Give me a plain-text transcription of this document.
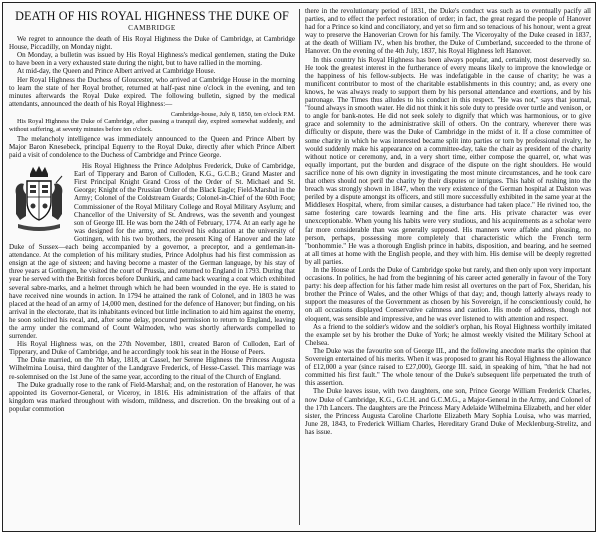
DEATH OF HIS ROYAL HIGHNESS THE DUKE OF
CAMBRIDGE

We regret to announce the death of His Royal Highness the Duke of Cambridge, at Cambridge House, Piccadilly, on Monday night.

On Monday, a bulletin was issued by His Royal Highness's medical gentlemen, stating the Duke to have been in a very exhausted state during the night, but to have rallied in the morning.

At mid-day, the Queen and Prince Albert arrived at Cambridge House.

Her Royal Highness the Duchess of Gloucester, who arrived at Cambridge House in the morning to learn the state of her Royal brother, returned at half-past nine o'clock in the evening, and ten minutes afterwards the Royal Duke expired. The following bulletin, signed by the medical attendants, announced the death of his Royal Highness:—

Cambridge-house, July 8, 1850, ten o'clock P.M.
His Royal Highness the Duke of Cambridge, after passing a tranquil day, expired somewhat suddenly, and without suffering, at seventy minutes before ten o'clock.

The melancholy intelligence was immediately announced to the Queen and Prince Albert by Major Baron Knesebeck, principal Equerry to the Royal Duke, directly after which Prince Albert paid a visit of condolence to the Duchess of Cambridge and Prince George.

His Royal Highness the Prince Adolphus Frederick, Duke of Cambridge, Earl of Tipperary and Baron of Culloden, K.G., G.C.B.; Grand Master and First Principal Knight Grand Cross of the Order of St. Michael and St. George; Knight of the Prussian Order of the Black Eagle; Field-Marshal in the Army; Colonel of the Coldstream Guards; Colonel-in-Chief of the 60th Foot; Commissioner of the Royal Military College and Royal Military Asylum; and Chancellor of the University of St. Andrews, was the seventh and youngest son of George III. He was born the 24th of February, 1774. At an early age he was designed for the army, and received his education at the university of Gottingen, with his two brothers, the present King of Hanover and the late Duke of Sussex—each being accompanied by a governor, a preceptor, and a gentleman-in-attendance. At the completion of his military studies, Prince Adolphus had his first commission as ensign at the age of sixteen; and having become a master of the German language, by his stay of three years at Gottingen, he visited the court of Prussia, and returned to England in 1793. During that year he served with the British forces before Dunkirk, and came back wearing a coat which exhibited several sabre-marks, and a helmet through which he had been wounded in the eye. He is stated to have received nine wounds in action. In 1794 he attained the rank of Colonel, and in 1803 he was placed at the head of an army of 14,000 men, destined for the defence of Hanover; but finding, on his arrival in the electorate, that its inhabitants evinced but little inclination to aid him against the enemy, he soon solicited his recal, and, after some delay, procured permission to return to England, leaving the army under the command of Count Walmoden, who was shortly afterwards compelled to surrender.

His Royal Highness was, on the 27th November, 1801, created Baron of Culloden, Earl of Tipperary, and Duke of Cambridge, and he accordingly took his seat in the House of Peers.

The Duke married, on the 7th May, 1818, at Cassel, her Serene Highness the Princess Augusta Wilhelmina Louisa, third daughter of the Landgrave Frederick, of Hesse-Cassel. This marriage was re-solemnised on the 1st June of the same year, according to the ritual of the Church of England.

The Duke gradually rose to the rank of Field-Marshal; and, on the restoration of Hanover, he was appointed its Governor-General, or Viceroy, in 1816. His administration of the affairs of that kingdom was marked throughout with wisdom, mildness, and discretion. On the breaking out of a popular commotion

there in the revolutionary period of 1831, the Duke's conduct was such as to eventually pacify all parties, and to effect the perfect restoration of order; in fact, the great regard the people of Hanover had for a Prince so kind and conciliatory, and yet so firm and so tenacious of his honour, went a great way to preserve the Hanoverian Crown for his family. The Viceroyalty of the Duke ceased in 1837, at the death of William IV., when his brother, the Duke of Cumberland, succeeded to the throne of Hanover. On the evening of the 4th July, 1837, his Royal Highness left Hanover.

In this country his Royal Highness has been always popular, and, certainly, most deservedly so. He took the greatest interest in the furtherance of every means likely to improve the knowledge or the happiness of his fellow-subjects. He was indefatigable in the cause of charity; he was a munificent contributor to most of the charitable establishments in this country; and, as every one knows, he was always ready to support them by his personal attendance and exertions, and by his patronage. The Times thus alludes to his conduct in this respect. "He was not," says that journal, "found always in smooth water. He did not think it his sole duty to preside over turtle and venison, or to angle for bank-notes. He did not seek solely to dignify that which was harmonious, or to give grace and solemnity to the administrative skill of others. On the contrary, wherever there was difficulty or dispute, there was the Duke of Cambridge in the midst of it. If a close committee of some charity in which he was interested became split into parties or torn by professional rivalry, he would suddenly make his appearance on a committee-day, take the chair as president of the charity without notice or ceremony, and, in a very short time, either compose the quarrel, or, what was equally important, put the burden and disgrace of the dispute on the right shoulders. He would sacrifice none of his own dignity in investigating the most minute circumstances, and he took care that others should not peril the charity by their disputes or intrigues. This habit of rushing into the breach was strongly shown in 1847, when the very existence of the German hospital at Dalston was periled by a dispute amongst its officers, and still more successfully exhibited in the same year at the Middlesex Hospital, where, from similar causes, a disturbance had taken place." He rivined too, the same fostering care towards learning and the fine arts. His private character was ever unexceptionable. When young his habits were very studious, and his acquirements as a scholar were far more considerable than was generally supposed. His manners were affable and pleasing, no person, perhaps, possessing more completely that characteristic which the French term "bonhommie." He was a thorough English prince in habits, disposition, and bearing, and he seemed at all times at home with the English people, and they with him. His demise will be deeply regretted by all parties.

In the House of Lords the Duke of Cambridge spoke but rarely, and then only upon very important occasions. In politics, he had from the beginning of his career acted generally in favour of the Tory party: his deep affection for his father made him resist all overtures on the part of Fox, Sheridan, his brother the Prince of Wales, and the other Whigs of that day; and, though latterly always ready to support the measures of the Government as chosen by his Sovereign, if he conscientiously could, he on all occasions displayed Conservative calmness and caution. His mode of address, though not eloquent, was sensible and impressive, and he was ever listened to with attention and respect.

As a friend to the soldier's widow and the soldier's orphan, his Royal Highness worthily imitated the example set by his brother the Duke of York; he almost weekly visited the Military School at Chelsea.

The Duke was the favourite son of George III., and the following anecdote marks the opinion that Sovereign entertained of his merits. When it was proposed to grant his Royal Highness the allowance of £12,000 a year (since raised to £27,000), George III. said, in speaking of him, "that he had not committed his first fault." The whole tenour of the Duke's subsequent life perpetuated the truth of this assertion.

The Duke leaves issue, with two daughters, one son, Prince George William Frederick Charles, now Duke of Cambridge, K.G., G.C.H. and G.C.M.G., a Major-General in the Army, and Colonel of the 17th Lancers. The daughters are the Princess Mary Adelaide Wilhelmina Elizabeth, and her elder sister, the Princess Augusta Caroline Charlotte Elizabeth Mary Sophia Louisa, who was married, June 28, 1843, to Frederick William Charles, Hereditary Grand Duke of Mecklenburg-Strelitz, and has issue.
